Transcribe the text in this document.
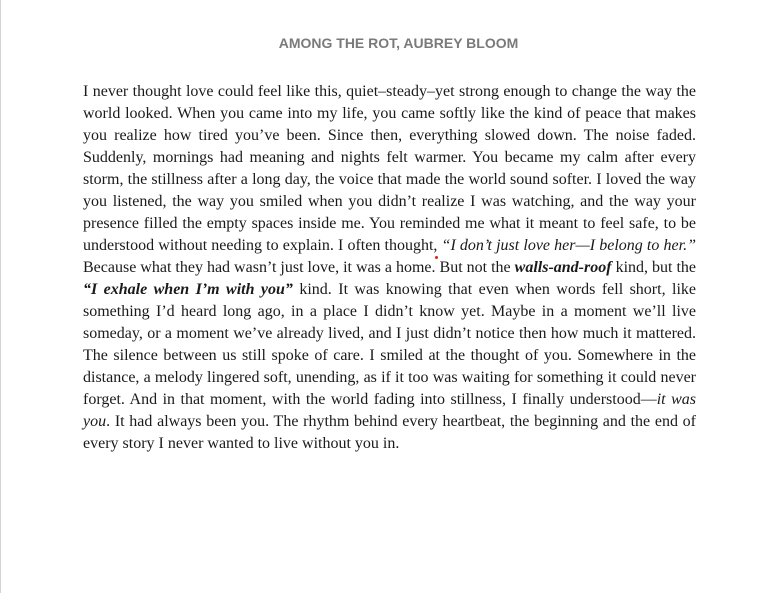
AMONG THE ROT, AUBREY BLOOM

I never thought love could feel like this, quiet–steady–yet strong enough to change the way the world looked. When you came into my life, you came softly like the kind of peace that makes you realize how tired you’ve been. Since then, everything slowed down. The noise faded. Suddenly, mornings had meaning and nights felt warmer. You became my calm after every storm, the stillness after a long day, the voice that made the world sound softer. I loved the way you listened, the way you smiled when you didn’t realize I was watching, and the way your presence filled the empty spaces inside me. You reminded me what it meant to feel safe, to be understood without needing to explain. I often thought, “I don’t just love her—I belong to her.” Because what they had wasn’t just love, it was a home. But not the walls-and-roof kind, but the “I exhale when I’m with you” kind. It was knowing that even when words fell short, like something I’d heard long ago, in a place I didn’t know yet. Maybe in a moment we’ll live someday, or a moment we’ve already lived, and I just didn’t notice then how much it mattered. The silence between us still spoke of care. I smiled at the thought of you. Somewhere in the distance, a melody lingered soft, unending, as if it too was waiting for something it could never forget. And in that moment, with the world fading into stillness, I finally understood—it was you. It had always been you. The rhythm behind every heartbeat, the beginning and the end of every story I never wanted to live without you in.
